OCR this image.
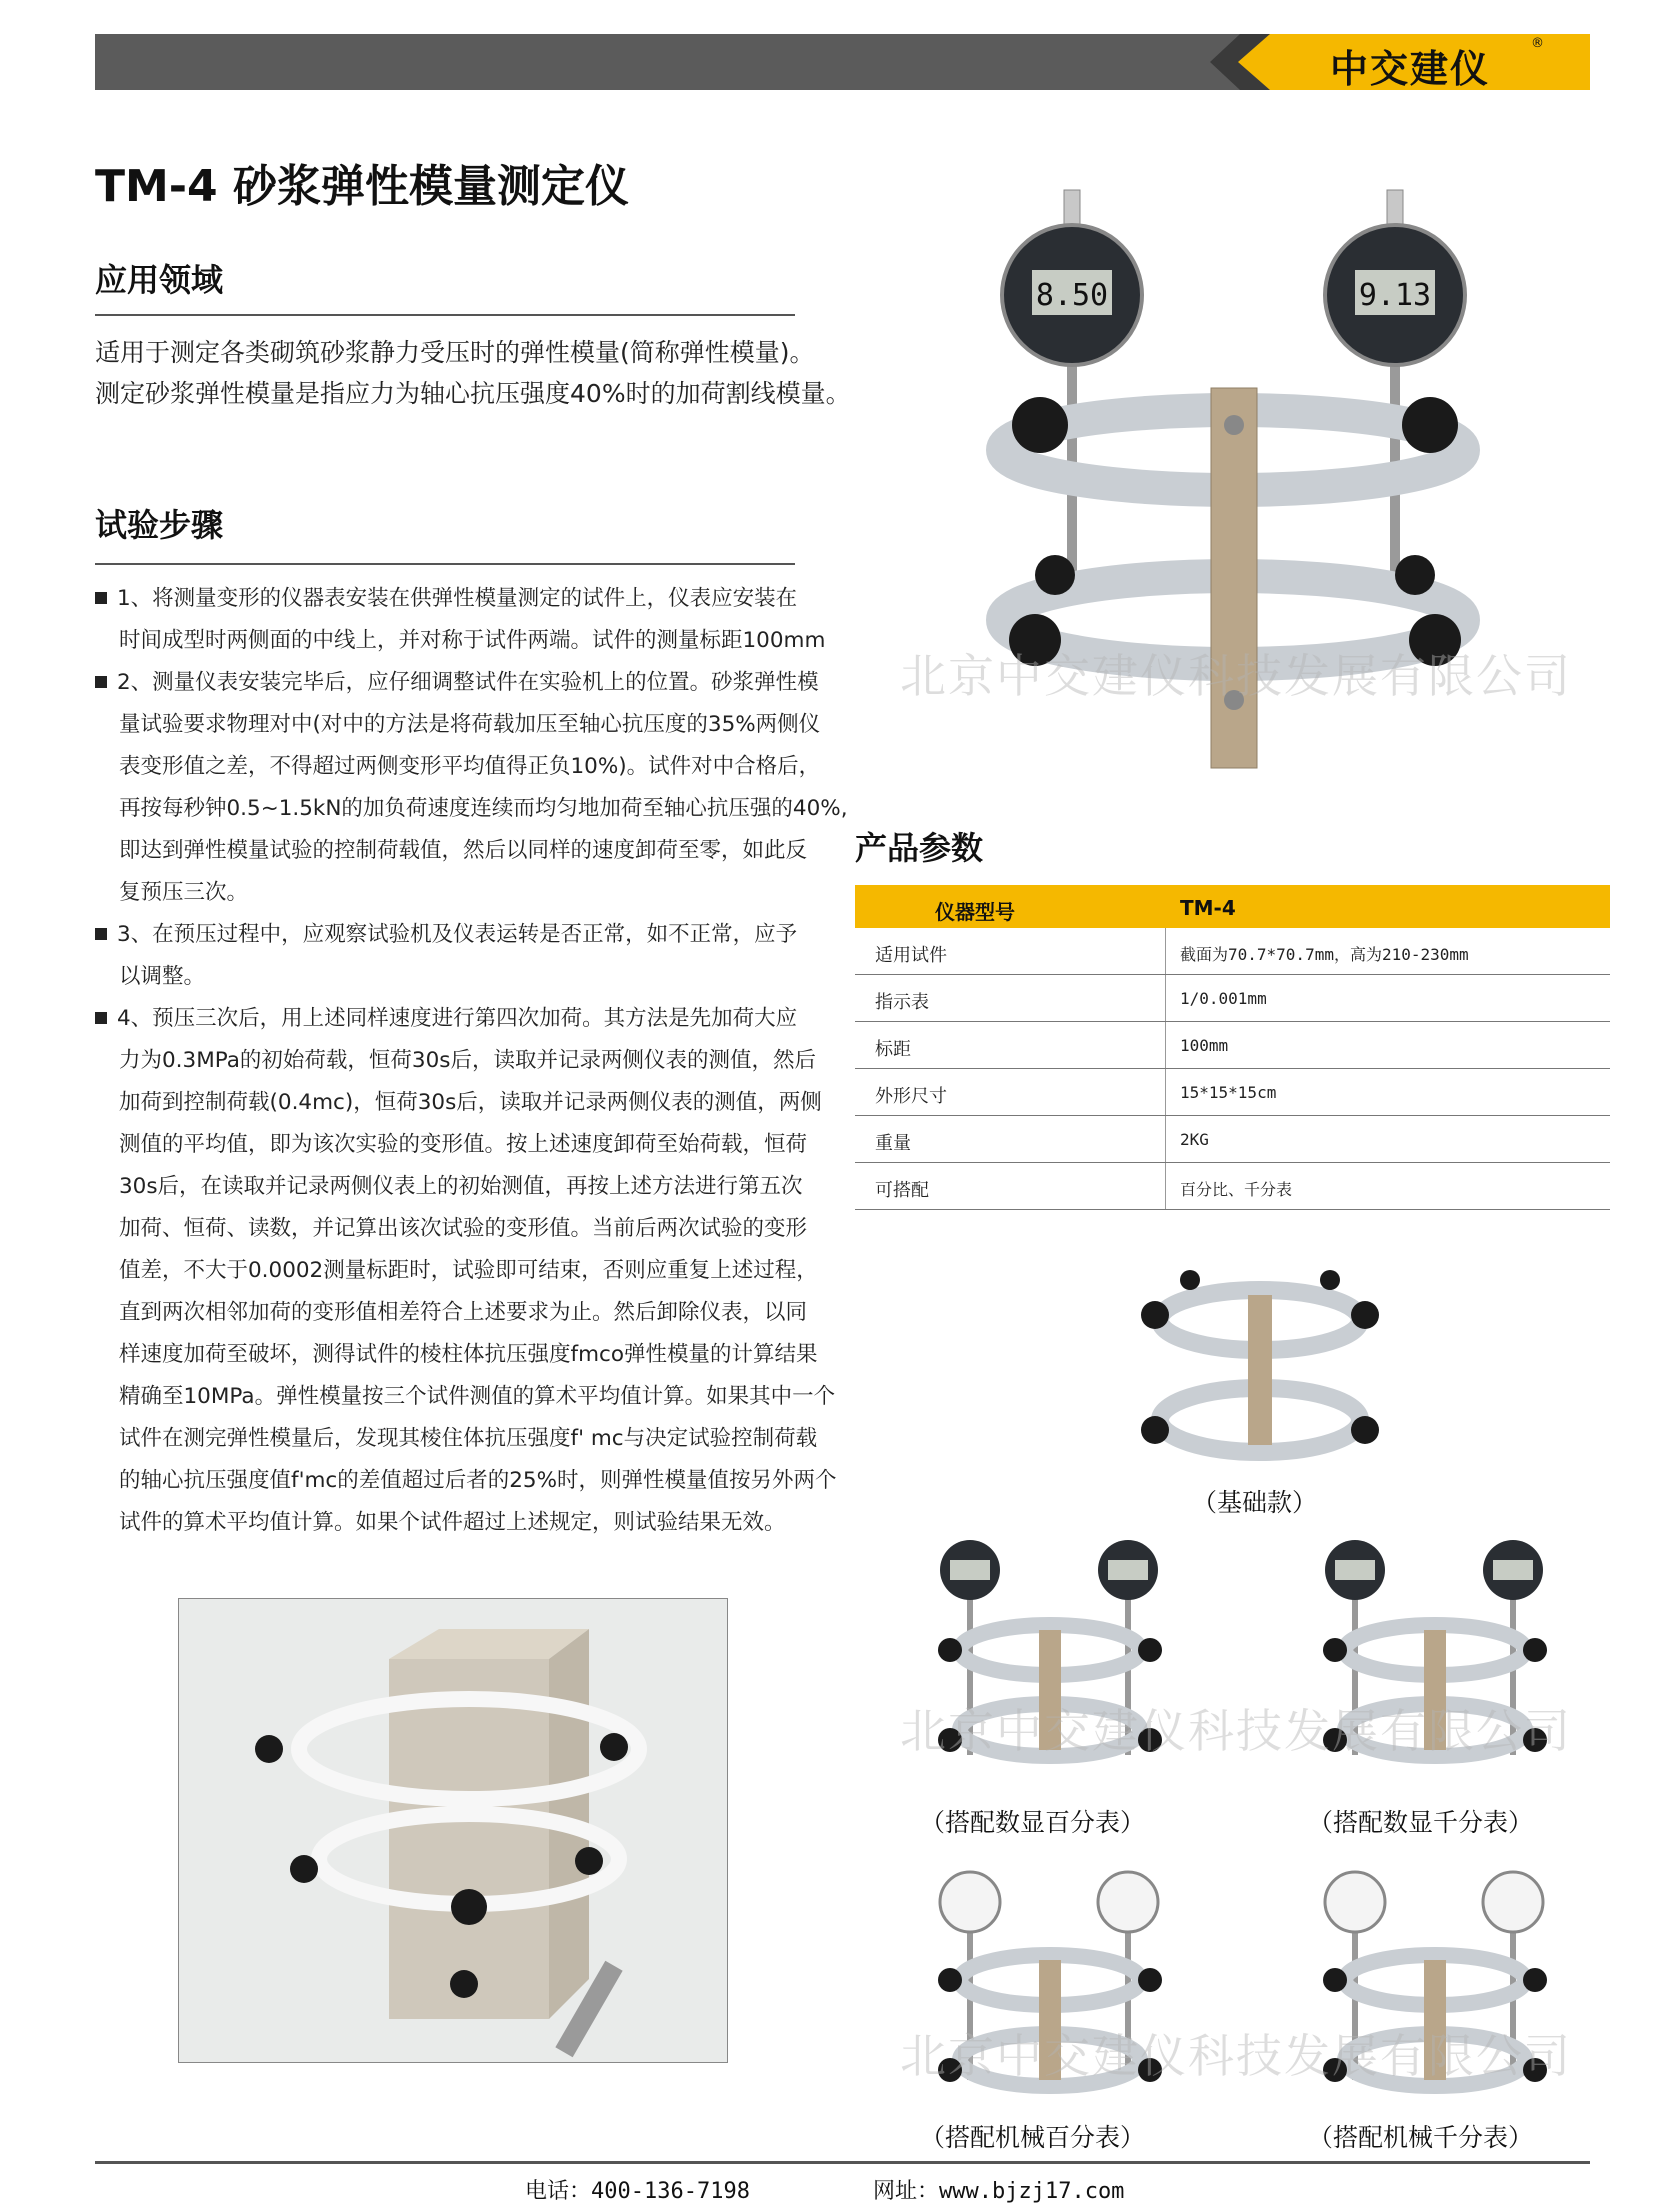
中交建仪
®
TM-4 砂浆弹性模量测定仪
应用领域
适用于测定各类砌筑砂浆静力受压时的弹性模量(简称弹性模量)。
测定砂浆弹性模量是指应力为轴心抗压强度40%时的加荷割线模量。
试验步骤
1、将测量变形的仪器表安装在供弹性模量测定的试件上，仪表应安装在
时间成型时两侧面的中线上，并对称于试件两端。试件的测量标距100mm
2、测量仪表安装完毕后，应仔细调整试件在实验机上的位置。砂浆弹性模
量试验要求物理对中(对中的方法是将荷载加压至轴心抗压度的35%两侧仪
表变形值之差，不得超过两侧变形平均值得正负10%)。试件对中合格后，
再按每秒钟0.5~1.5kN的加负荷速度连续而均匀地加荷至轴心抗压强的40%,
即达到弹性模量试验的控制荷载值，然后以同样的速度卸荷至零，如此反
复预压三次。
3、在预压过程中，应观察试验机及仪表运转是否正常，如不正常，应予
以调整。
4、预压三次后，用上述同样速度进行第四次加荷。其方法是先加荷大应
力为0.3MPa的初始荷载，恒荷30s后，读取并记录两侧仪表的测值，然后
加荷到控制荷载(0.4mc)，恒荷30s后，读取并记录两侧仪表的测值，两侧
测值的平均值，即为该次实验的变形值。按上述速度卸荷至始荷载，恒荷
30s后，在读取并记录两侧仪表上的初始测值，再按上述方法进行第五次
加荷、恒荷、读数，并记算出该次试验的变形值。当前后两次试验的变形
值差，不大于0.0002测量标距时，试验即可结束，否则应重复上述过程，
直到两次相邻加荷的变形值相差符合上述要求为止。然后卸除仪表，以同
样速度加荷至破坏，测得试件的棱柱体抗压强度fmco弹性模量的计算结果
精确至10MPa。弹性模量按三个试件测值的算术平均值计算。如果其中一个
试件在测完弹性模量后，发现其棱住体抗压强度f' mc与决定试验控制荷载
的轴心抗压强度值f'mc的差值超过后者的25%时，则弹性模量值按另外两个
试件的算术平均值计算。如果个试件超过上述规定，则试验结果无效。
8.50	9.13
产品参数
仪器型号	TM-4
适用试件	截面为70.7*70.7mm，高为210-230mm
指示表	1/0.001mm
标距	100mm
外形尺寸	15*15*15cm
重量	2KG
可搭配	百分比、千分表
（基础款）
（搭配数显百分表）	（搭配数显千分表）
（搭配机械百分表）	（搭配机械千分表）
北京中交建仪科技发展有限公司
北京中交建仪科技发展有限公司
北京中交建仪科技发展有限公司
电话：400-136-7198	网址：www.bjzj17.com
